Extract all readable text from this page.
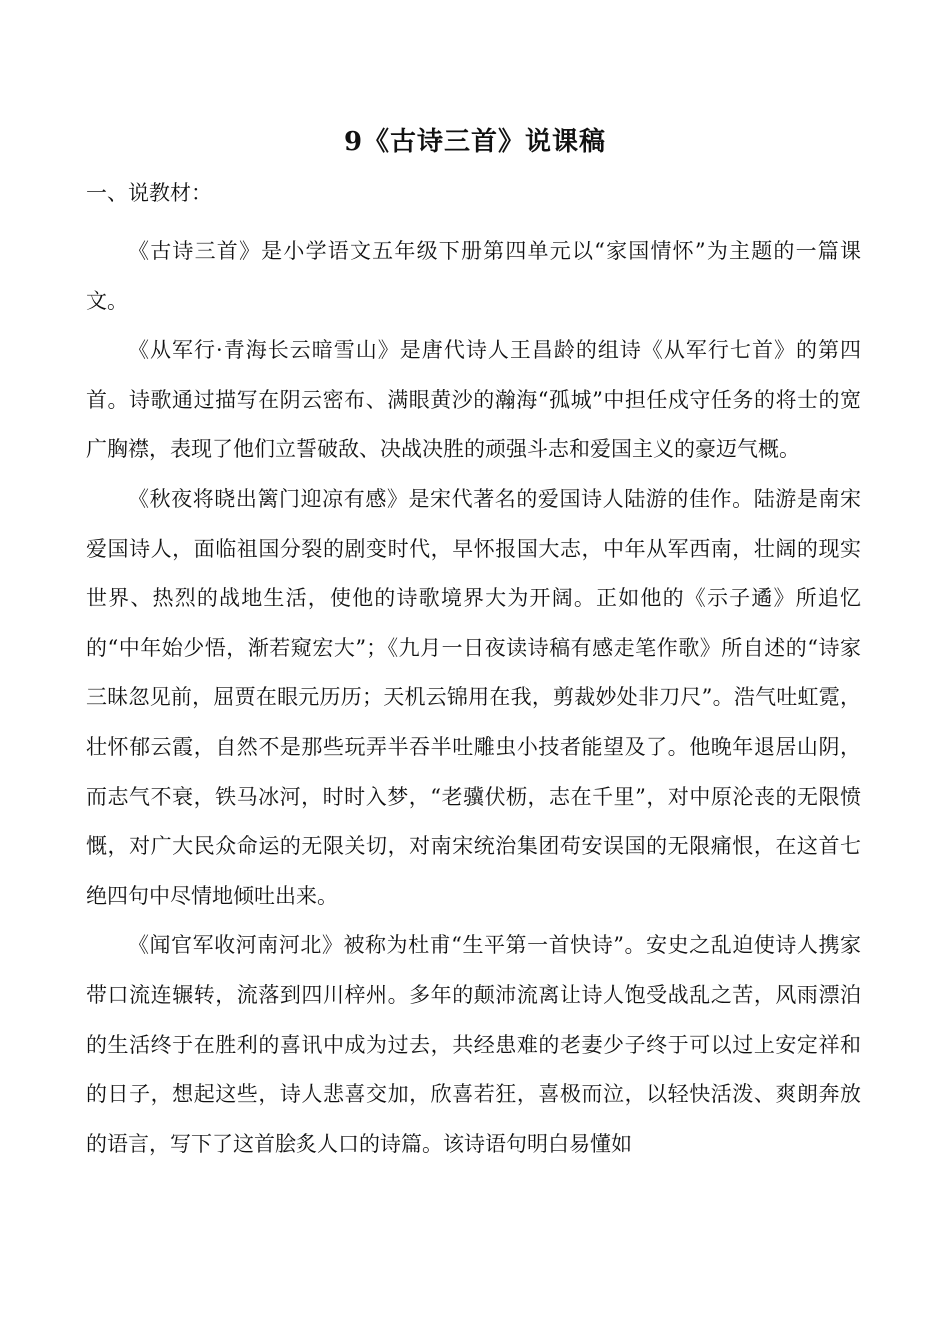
9《古诗三首》说课稿
一、说教材：

《古诗三首》是小学语文五年级下册第四单元以“家国情怀”为主题的一篇课文。

《从军行·青海长云暗雪山》是唐代诗人王昌龄的组诗《从军行七首》的第四首。诗歌通过描写在阴云密布、满眼黄沙的瀚海“孤城”中担任戍守任务的将士的宽广胸襟，表现了他们立誓破敌、决战决胜的顽强斗志和爱国主义的豪迈气概。

《秋夜将晓出篱门迎凉有感》是宋代著名的爱国诗人陆游的佳作。陆游是南宋爱国诗人，面临祖国分裂的剧变时代，早怀报国大志，中年从军西南，壮阔的现实世界、热烈的战地生活，使他的诗歌境界大为开阔。正如他的《示子遹》所追忆的“中年始少悟，渐若窥宏大”；《九月一日夜读诗稿有感走笔作歌》所自述的“诗家三昧忽见前，屈贾在眼元历历；天机云锦用在我，剪裁妙处非刀尺”。浩气吐虹霓，壮怀郁云霞，自然不是那些玩弄半吞半吐雕虫小技者能望及了。他晚年退居山阴，而志气不衰，铁马冰河，时时入梦，“老骥伏枥，志在千里”，对中原沦丧的无限愤慨，对广大民众命运的无限关切，对南宋统治集团苟安误国的无限痛恨，在这首七绝四句中尽情地倾吐出来。

《闻官军收河南河北》被称为杜甫“生平第一首快诗”。安史之乱迫使诗人携家带口流连辗转，流落到四川梓州。多年的颠沛流离让诗人饱受战乱之苦，风雨漂泊的生活终于在胜利的喜讯中成为过去，共经患难的老妻少子终于可以过上安定祥和的日子，想起这些，诗人悲喜交加，欣喜若狂，喜极而泣，以轻快活泼、爽朗奔放的语言，写下了这首脍炙人口的诗篇。该诗语句明白易懂如
